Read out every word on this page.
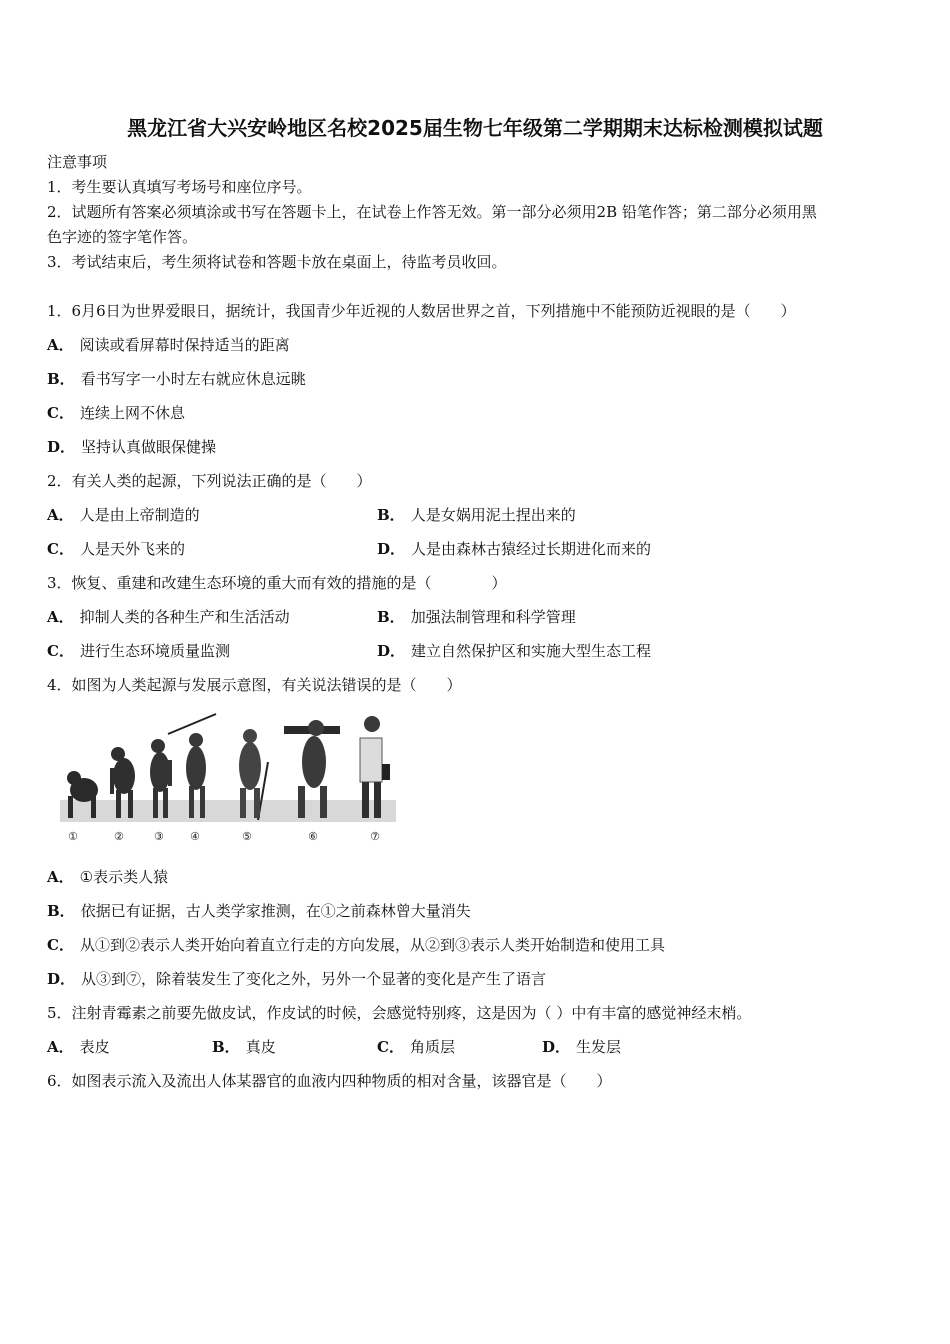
黑龙江省大兴安岭地区名校2025届生物七年级第二学期期末达标检测模拟试题
注意事项
1．考生要认真填写考场号和座位序号。
2．试题所有答案必须填涂或书写在答题卡上，在试卷上作答无效。第一部分必须用2B 铅笔作答；第二部分必须用黑
色字迹的签字笔作答。
3．考试结束后，考生须将试卷和答题卡放在桌面上，待监考员收回。
1．6月6日为世界爱眼日，据统计，我国青少年近视的人数居世界之首，下列措施中不能预防近视眼的是（　　）
A． 阅读或看屏幕时保持适当的距离
B． 看书写字一小时左右就应休息远眺
C． 连续上网不休息
D． 坚持认真做眼保健操
2．有关人类的起源，下列说法正确的是（　　）
A． 人是由上帝制造的	B． 人是女娲用泥土捏出来的
C． 人是天外飞来的	D． 人是由森林古猿经过长期进化而来的
3．恢复、重建和改建生态环境的重大而有效的措施的是（　　　　）
A． 抑制人类的各种生产和生活活动	B． 加强法制管理和科学管理
C． 进行生态环境质量监测	D． 建立自然保护区和实施大型生态工程
4．如图为人类起源与发展示意图，有关说法错误的是（　　）
①	②	③ ④	⑤	⑥	⑦
A． ①表示类人猿
B． 依据已有证据，古人类学家推测，在①之前森林曾大量消失
C． 从①到②表示人类开始向着直立行走的方向发展，从②到③表示人类开始制造和使用工具
D． 从③到⑦，除着装发生了变化之外，另外一个显著的变化是产生了语言
5．注射青霉素之前要先做皮试，作皮试的时候，会感觉特别疼，这是因为（ ）中有丰富的感觉神经末梢。
A． 表皮	B． 真皮	C． 角质层	D． 生发层
6．如图表示流入及流出人体某器官的血液内四种物质的相对含量，该器官是（　　）
